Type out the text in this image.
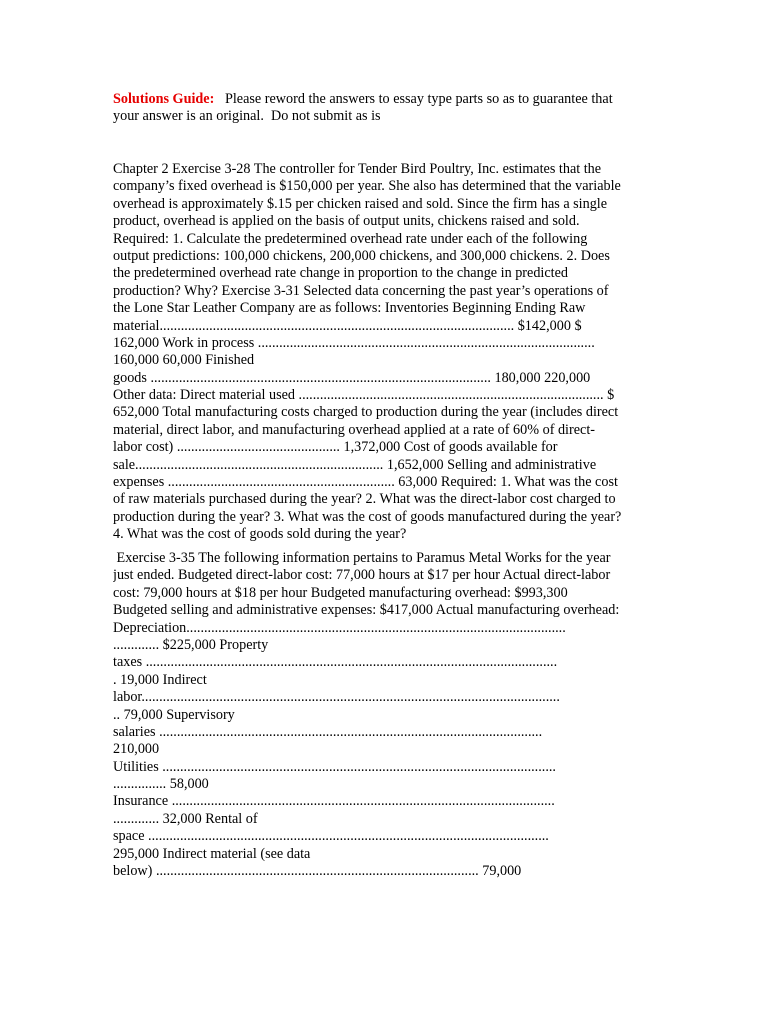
Solutions Guide:   Please reword the answers to essay type parts so as to guarantee that
your answer is an original.  Do not submit as is
Chapter 2 Exercise 3-28 The controller for Tender Bird Poultry, Inc. estimates that the
company’s fixed overhead is $150,000 per year. She also has determined that the variable
overhead is approximately $.15 per chicken raised and sold. Since the firm has a single
product, overhead is applied on the basis of output units, chickens raised and sold.
Required: 1. Calculate the predetermined overhead rate under each of the following
output predictions: 100,000 chickens, 200,000 chickens, and 300,000 chickens. 2. Does
the predetermined overhead rate change in proportion to the change in predicted
production? Why? Exercise 3-31 Selected data concerning the past year’s operations of
the Lone Star Leather Company are as follows: Inventories Beginning Ending Raw
material.................................................................................................... $142,000 $
162,000 Work in process ...............................................................................................
160,000 60,000 Finished
goods ................................................................................................ 180,000 220,000
Other data: Direct material used ...................................................................................... $
652,000 Total manufacturing costs charged to production during the year (includes direct
material, direct labor, and manufacturing overhead applied at a rate of 60% of direct-
labor cost) .............................................. 1,372,000 Cost of goods available for
sale...................................................................... 1,652,000 Selling and administrative
expenses ................................................................ 63,000 Required: 1. What was the cost
of raw materials purchased during the year? 2. What was the direct-labor cost charged to
production during the year? 3. What was the cost of goods manufactured during the year?
4. What was the cost of goods sold during the year?
Exercise 3-35 The following information pertains to Paramus Metal Works for the year
just ended. Budgeted direct-labor cost: 77,000 hours at $17 per hour Actual direct-labor
cost: 79,000 hours at $18 per hour Budgeted manufacturing overhead: $993,300
Budgeted selling and administrative expenses: $417,000 Actual manufacturing overhead:
Depreciation...........................................................................................................
............. $225,000 Property
taxes ....................................................................................................................
. 19,000 Indirect
labor......................................................................................................................
.. 79,000 Supervisory
salaries ............................................................................................................
210,000
Utilities ...............................................................................................................
............... 58,000
Insurance ............................................................................................................
............. 32,000 Rental of
space .................................................................................................................
295,000 Indirect material (see data
below) ........................................................................................... 79,000
